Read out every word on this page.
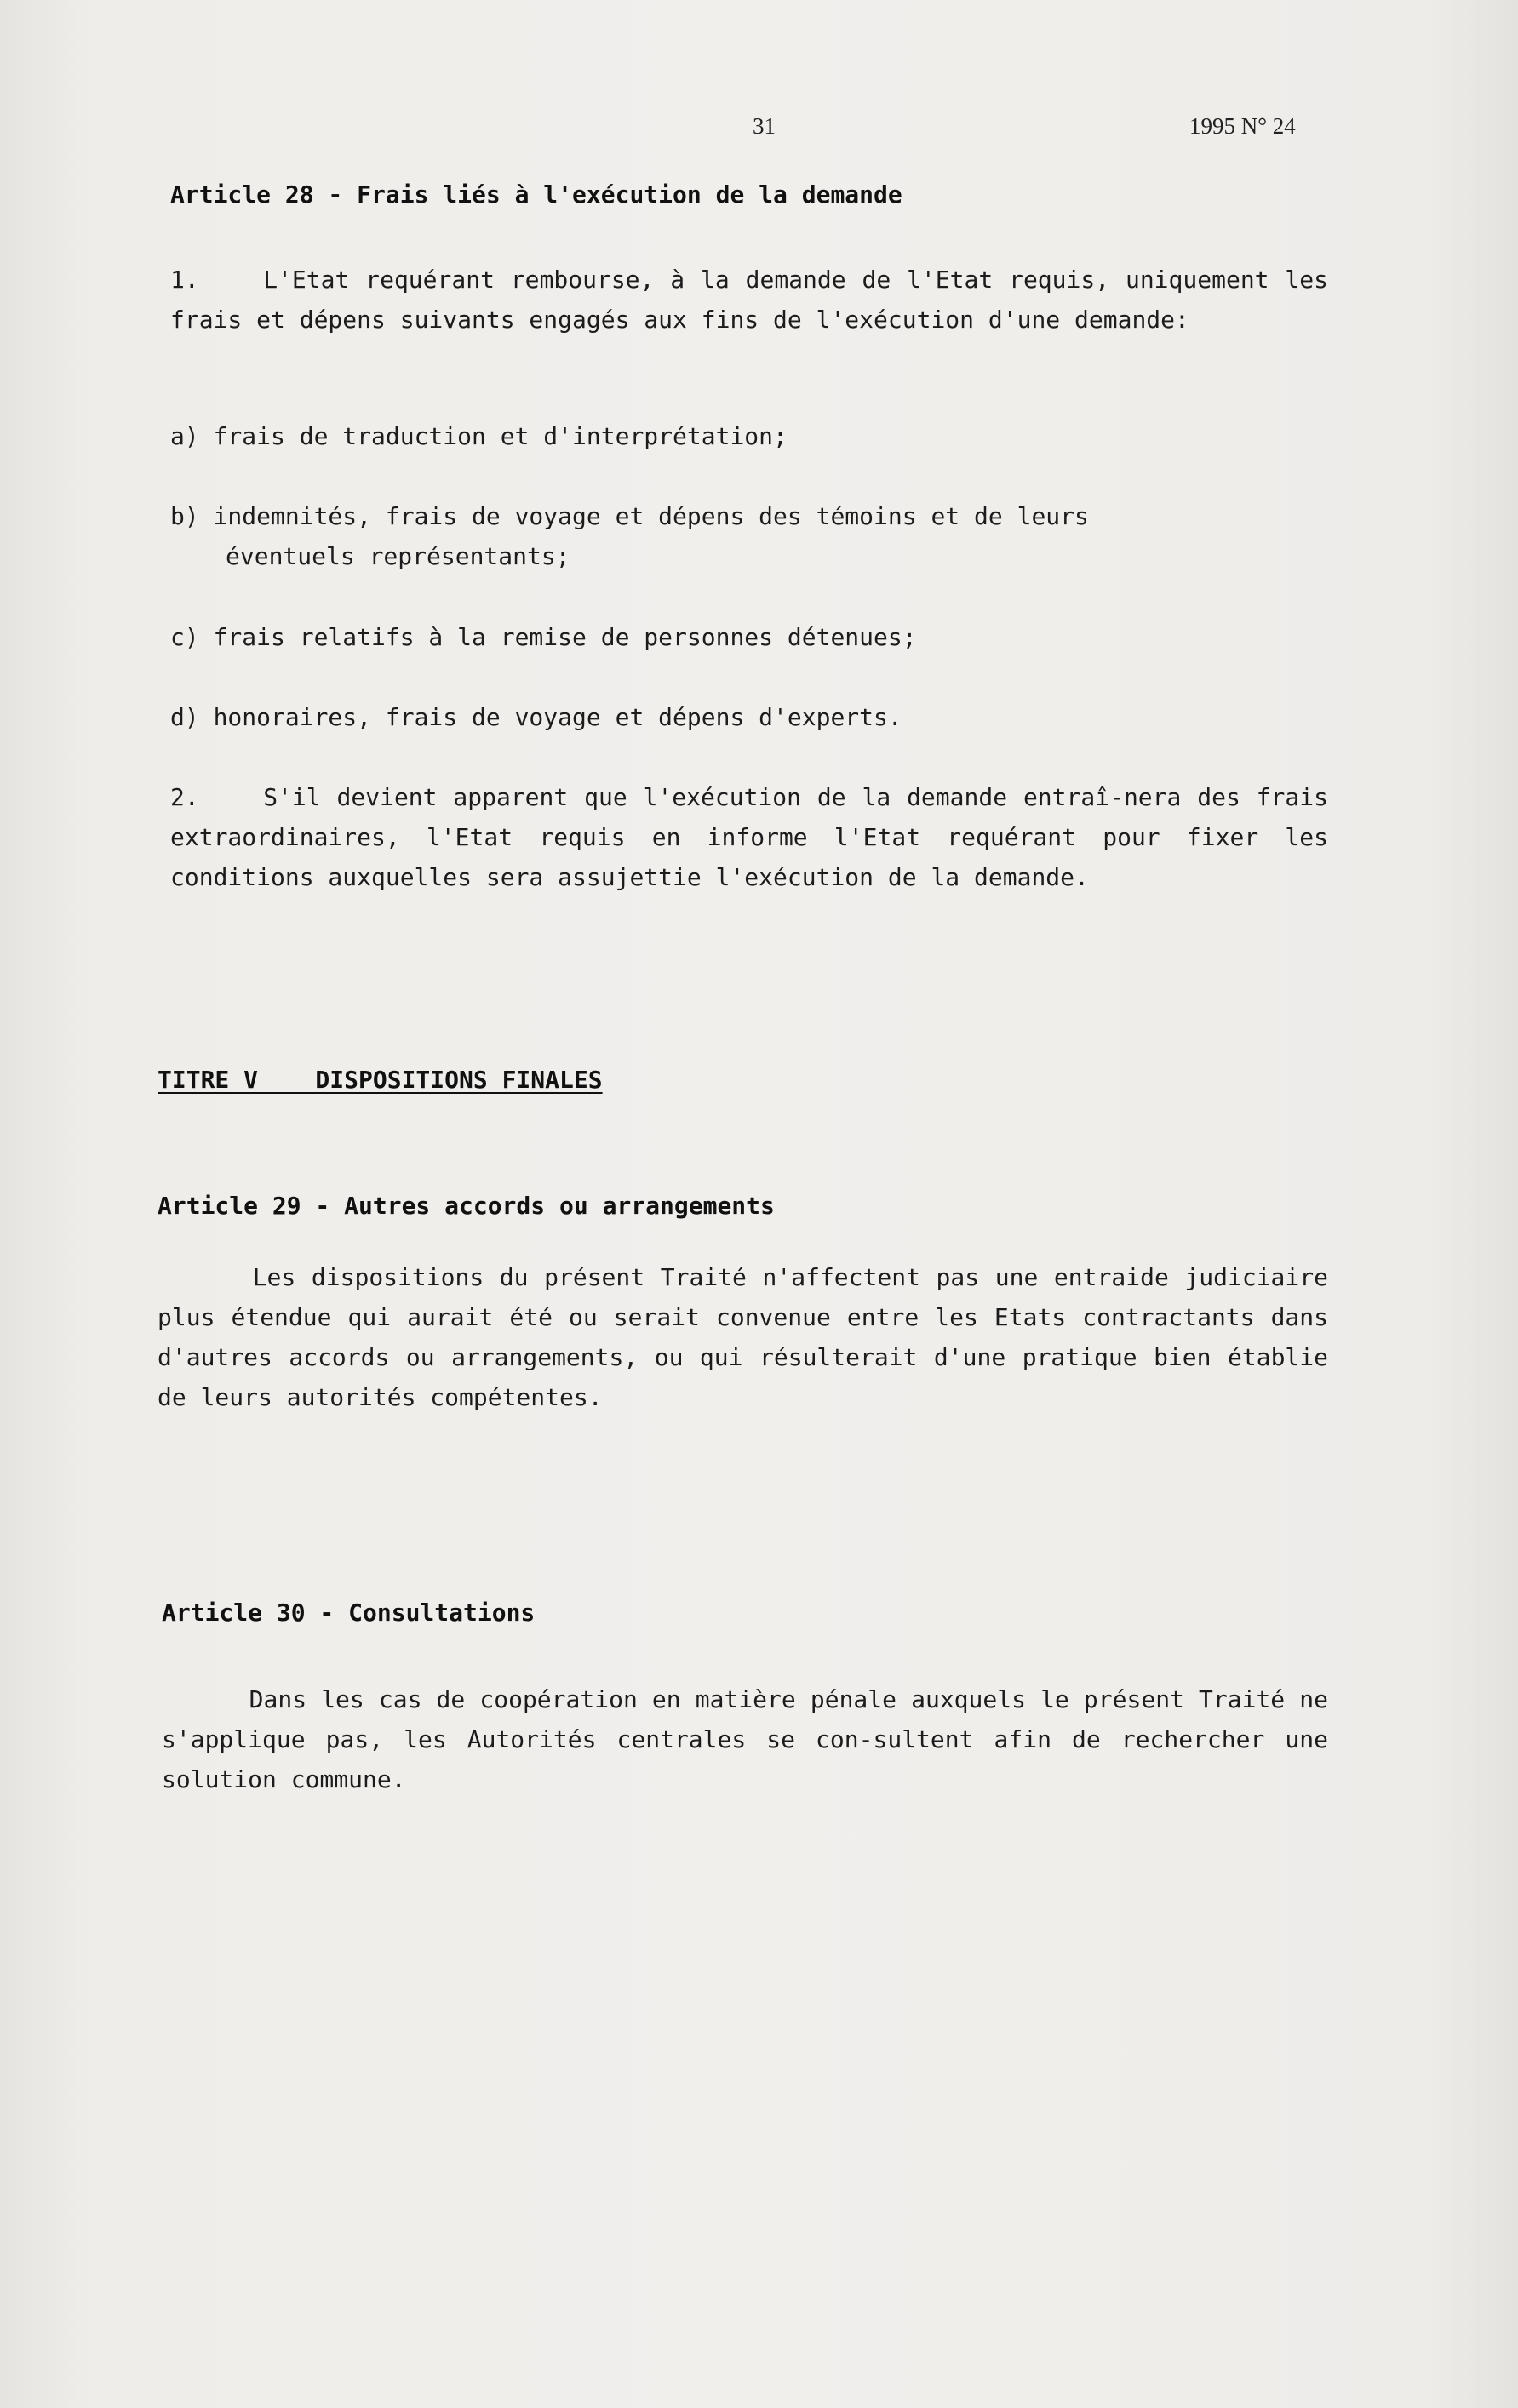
31	1995 N° 24
Article 28 - Frais liés à l'exécution de la demande
1.    L'Etat requérant rembourse, à la demande de l'Etat requis, uniquement les frais et dépens suivants engagés aux fins de l'exécution d'une demande:
a) frais de traduction et d'interprétation;
b) indemnités, frais de voyage et dépens des témoins et de leurs
éventuels représentants;
c) frais relatifs à la remise de personnes détenues;
d) honoraires, frais de voyage et dépens d'experts.
2.    S'il devient apparent que l'exécution de la demande entraî-nera des frais extraordinaires, l'Etat requis en informe l'Etat requérant pour fixer les conditions auxquelles sera assujettie l'exécution de la demande.
TITRE V    DISPOSITIONS FINALES
Article 29 - Autres accords ou arrangements
Les dispositions du présent Traité n'affectent pas une entraide judiciaire plus étendue qui aurait été ou serait convenue entre les Etats contractants dans d'autres accords ou arrangements, ou qui résulterait d'une pratique bien établie de leurs autorités compétentes.
Article 30 - Consultations
Dans les cas de coopération en matière pénale auxquels le présent Traité ne s'applique pas, les Autorités centrales se con-sultent afin de rechercher une solution commune.
